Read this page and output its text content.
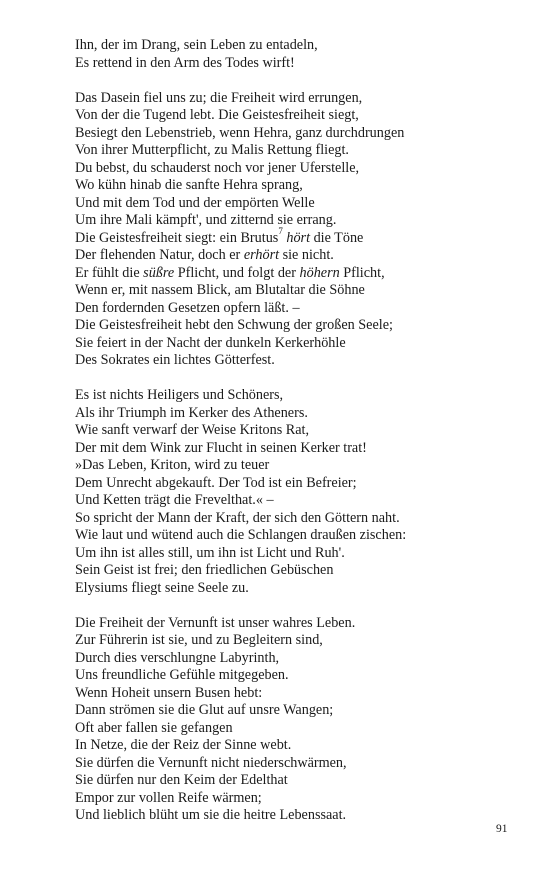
Ihn, der im Drang, sein Leben zu entadeln,
Es rettend in den Arm des Todes wirft!
Das Dasein fiel uns zu; die Freiheit wird errungen,
Von der die Tugend lebt. Die Geistesfreiheit siegt,
Besiegt den Lebenstrieb, wenn Hehra, ganz durchdrungen
Von ihrer Mutterpflicht, zu Malis Rettung fliegt.
Du bebst, du schauderst noch vor jener Uferstelle,
Wo kühn hinab die sanfte Hehra sprang,
Und mit dem Tod und der empörten Welle
Um ihre Mali kämpft', und zitternd sie errang.
Die Geistesfreiheit siegt: ein Brutus$^7$ hört die Töne
Der flehenden Natur, doch er erhört sie nicht.
Er fühlt die süßre Pflicht, und folgt der höhern Pflicht,
Wenn er, mit nassem Blick, am Blutaltar die Söhne
Den fordernden Gesetzen opfern läßt. –
Die Geistesfreiheit hebt den Schwung der großen Seele;
Sie feiert in der Nacht der dunkeln Kerkerhöhle
Des Sokrates ein lichtes Götterfest.
Es ist nichts Heiligers und Schöners,
Als ihr Triumph im Kerker des Atheners.
Wie sanft verwarf der Weise Kritons Rat,
Der mit dem Wink zur Flucht in seinen Kerker trat!
»Das Leben, Kriton, wird zu teuer
Dem Unrecht abgekauft. Der Tod ist ein Befreier;
Und Ketten trägt die Frevelthat.« –
So spricht der Mann der Kraft, der sich den Göttern naht.
Wie laut und wütend auch die Schlangen draußen zischen:
Um ihn ist alles still, um ihn ist Licht und Ruh'.
Sein Geist ist frei; den friedlichen Gebüschen
Elysiums fliegt seine Seele zu.
Die Freiheit der Vernunft ist unser wahres Leben.
Zur Führerin ist sie, und zu Begleitern sind,
Durch dies verschlungne Labyrinth,
Uns freundliche Gefühle mitgegeben.
Wenn Hoheit unsern Busen hebt:
Dann strömen sie die Glut auf unsre Wangen;
Oft aber fallen sie gefangen
In Netze, die der Reiz der Sinne webt.
Sie dürfen die Vernunft nicht niederschwärmen,
Sie dürfen nur den Keim der Edelthat
Empor zur vollen Reife wärmen;
Und lieblich blüht um sie die heitre Lebenssaat.
91
